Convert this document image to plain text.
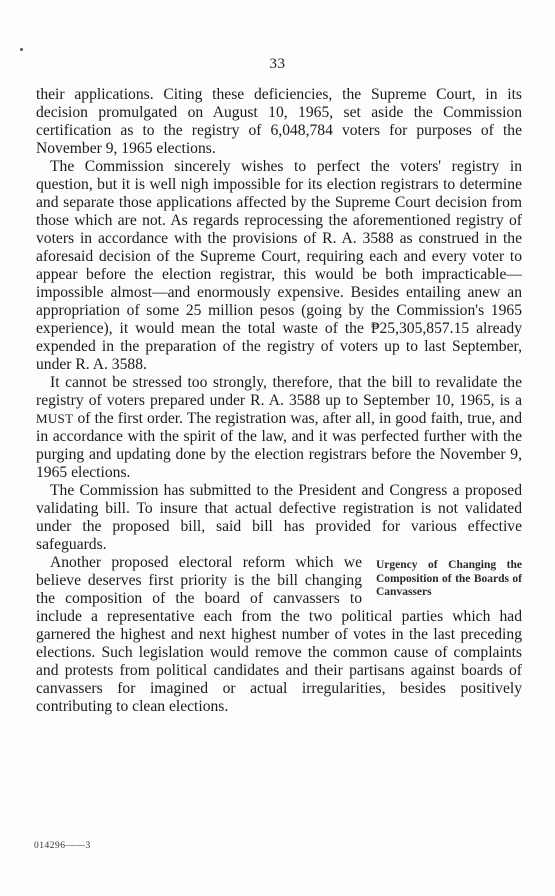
33

their applications. Citing these deficiencies, the Supreme Court, in its decision promulgated on August 10, 1965, set aside the Commission certification as to the registry of 6,048,784 voters for purposes of the November 9, 1965 elections.

The Commission sincerely wishes to perfect the voters' registry in question, but it is well nigh impossible for its election registrars to determine and separate those applications affected by the Supreme Court decision from those which are not. As regards reprocessing the aforementioned registry of voters in accordance with the provisions of R. A. 3588 as construed in the aforesaid decision of the Supreme Court, requiring each and every voter to appear before the election registrar, this would be both impracticable—impossible almost—and enormously expensive. Besides entailing anew an appropriation of some 25 million pesos (going by the Commission's 1965 experience), it would mean the total waste of the ₱25,305,857.15 already expended in the preparation of the registry of voters up to last September, under R. A. 3588.

It cannot be stressed too strongly, therefore, that the bill to revalidate the registry of voters prepared under R. A. 3588 up to September 10, 1965, is a MUST of the first order. The registration was, after all, in good faith, true, and in accordance with the spirit of the law, and it was perfected further with the purging and updating done by the election registrars before the November 9, 1965 elections.

The Commission has submitted to the President and Congress a proposed validating bill. To insure that actual defective registration is not validated under the proposed bill, said bill has provided for various effective safeguards.

Urgency of Changing the Composition of the Boards of Canvassers

Another proposed electoral reform which we believe deserves first priority is the bill changing the composition of the board of canvassers to include a representative each from the two political parties which had garnered the highest and next highest number of votes in the last preceding elections. Such legislation would remove the common cause of complaints and protests from political candidates and their partisans against boards of canvassers for imagined or actual irregularities, besides positively contributing to clean elections.

014296——3
